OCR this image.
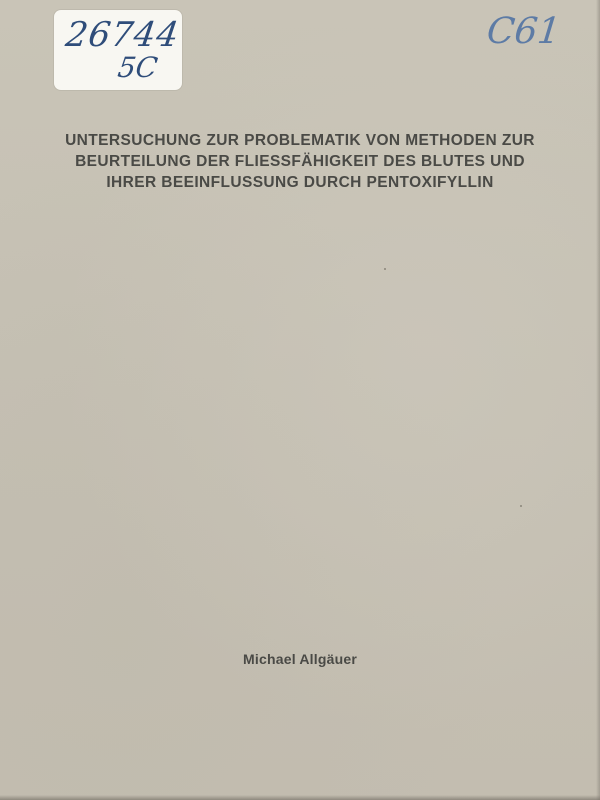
26744
5C
С61
UNTERSUCHUNG ZUR PROBLEMATIK VON METHODEN ZUR
BEURTEILUNG DER FLIESSFÄHIGKEIT DES BLUTES UND
IHRER BEEINFLUSSUNG DURCH PENTOXIFYLLIN

Michael Allgäuer
